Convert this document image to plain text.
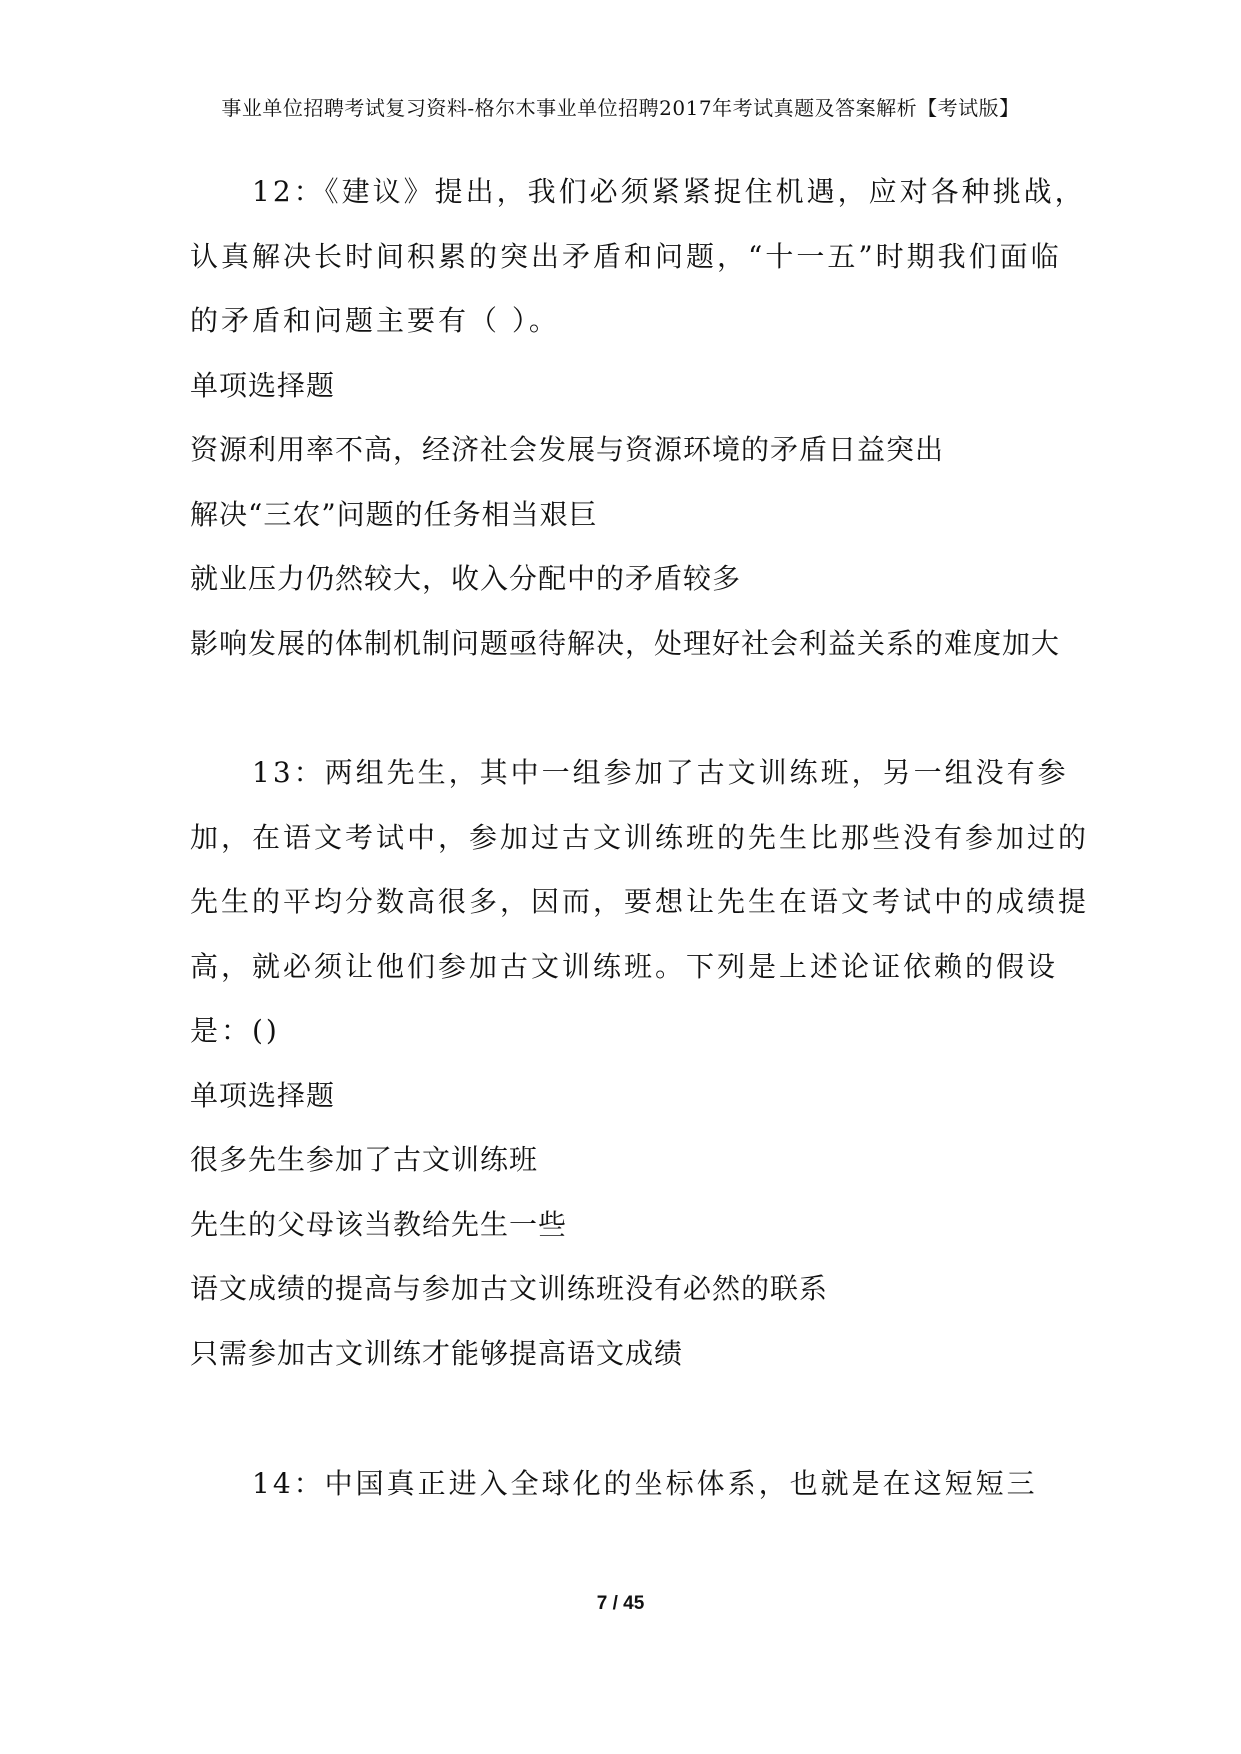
事业单位招聘考试复习资料-格尔木事业单位招聘2017年考试真题及答案解析【考试版】

12：《建议》提出，我们必须紧紧捉住机遇，应对各种挑战，认真解决长时间积累的突出矛盾和问题，“十一五”时期我们面临的矛盾和问题主要有（ ）。

单项选择题

资源利用率不高，经济社会发展与资源环境的矛盾日益突出

解决“三农”问题的任务相当艰巨

就业压力仍然较大，收入分配中的矛盾较多

影响发展的体制机制问题亟待解决，处理好社会利益关系的难度加大

13：两组先生，其中一组参加了古文训练班，另一组没有参加，在语文考试中，参加过古文训练班的先生比那些没有参加过的先生的平均分数高很多，因而，要想让先生在语文考试中的成绩提高，就必须让他们参加古文训练班。下列是上述论证依赖的假设是：()

单项选择题

很多先生参加了古文训练班

先生的父母该当教给先生一些

语文成绩的提高与参加古文训练班没有必然的联系

只需参加古文训练才能够提高语文成绩

14：中国真正进入全球化的坐标体系，也就是在这短短三

7 / 45
